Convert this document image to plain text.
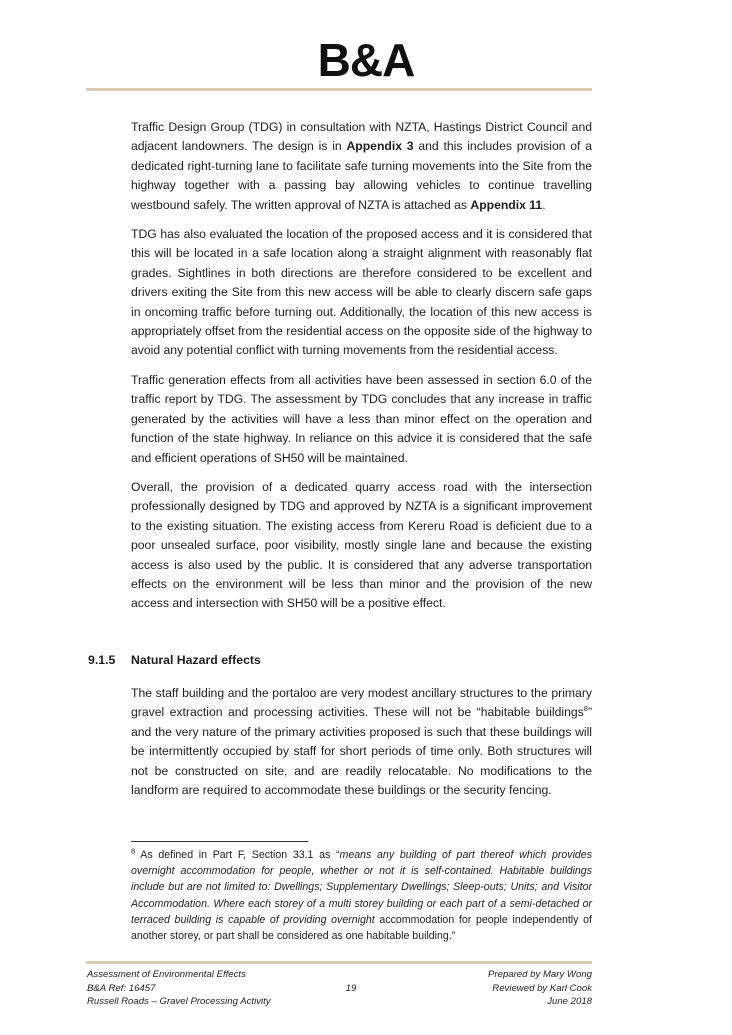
B&A

Traffic Design Group (TDG) in consultation with NZTA, Hastings District Council and adjacent landowners. The design is in Appendix 3 and this includes provision of a dedicated right-turning lane to facilitate safe turning movements into the Site from the highway together with a passing bay allowing vehicles to continue travelling westbound safely. The written approval of NZTA is attached as Appendix 11.

TDG has also evaluated the location of the proposed access and it is considered that this will be located in a safe location along a straight alignment with reasonably flat grades. Sightlines in both directions are therefore considered to be excellent and drivers exiting the Site from this new access will be able to clearly discern safe gaps in oncoming traffic before turning out. Additionally, the location of this new access is appropriately offset from the residential access on the opposite side of the highway to avoid any potential conflict with turning movements from the residential access.

Traffic generation effects from all activities have been assessed in section 6.0 of the traffic report by TDG. The assessment by TDG concludes that any increase in traffic generated by the activities will have a less than minor effect on the operation and function of the state highway. In reliance on this advice it is considered that the safe and efficient operations of SH50 will be maintained.

Overall, the provision of a dedicated quarry access road with the intersection professionally designed by TDG and approved by NZTA is a significant improvement to the existing situation. The existing access from Kereru Road is deficient due to a poor unsealed surface, poor visibility, mostly single lane and because the existing access is also used by the public. It is considered that any adverse transportation effects on the environment will be less than minor and the provision of the new access and intersection with SH50 will be a positive effect.

9.1.5 Natural Hazard effects

The staff building and the portaloo are very modest ancillary structures to the primary gravel extraction and processing activities. These will not be “habitable buildings$^8$” and the very nature of the primary activities proposed is such that these buildings will be intermittently occupied by staff for short periods of time only. Both structures will not be constructed on site, and are readily relocatable. No modifications to the landform are required to accommodate these buildings or the security fencing.

$^8$ As defined in Part F, Section 33.1 as “means any building of part thereof which provides overnight accommodation for people, whether or not it is self-contained. Habitable buildings include but are not limited to: Dwellings; Supplementary Dwellings; Sleep-outs; Units; and Visitor Accommodation. Where each storey of a multi storey building or each part of a semi-detached or terraced building is capable of providing overnight accommodation for people independently of another storey, or part shall be considered as one habitable building.”
Assessment of Environmental Effects
B&A Ref: 16457
Russell Roads – Gravel Processing Activity
19
Prepared by Mary Wong
Reviewed by Karl Cook
June 2018
